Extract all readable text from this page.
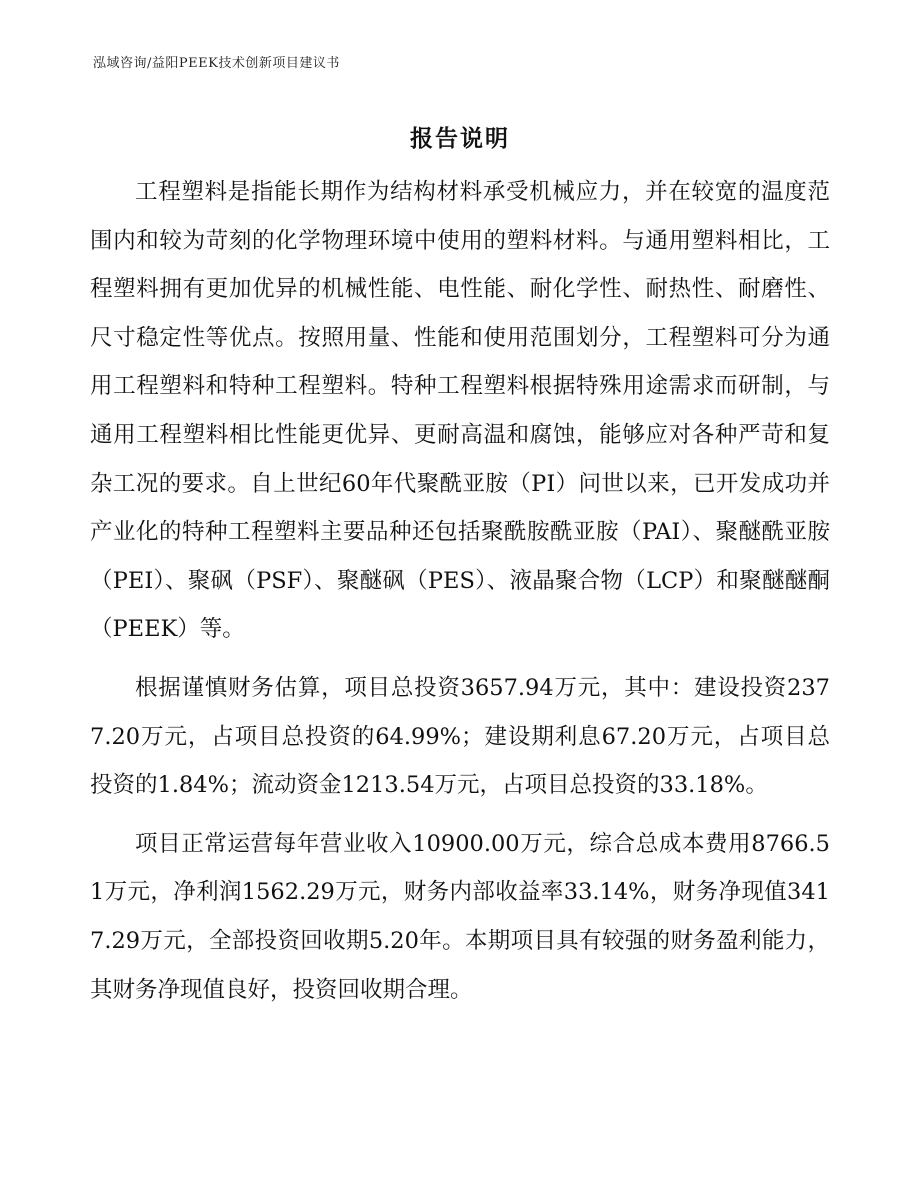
泓域咨询/益阳PEEK技术创新项目建议书
报告说明

工程塑料是指能长期作为结构材料承受机械应力，并在较宽的温度范围内和较为苛刻的化学物理环境中使用的塑料材料。与通用塑料相比，工程塑料拥有更加优异的机械性能、电性能、耐化学性、耐热性、耐磨性、尺寸稳定性等优点。按照用量、性能和使用范围划分，工程塑料可分为通用工程塑料和特种工程塑料。特种工程塑料根据特殊用途需求而研制，与通用工程塑料相比性能更优异、更耐高温和腐蚀，能够应对各种严苛和复杂工况的要求。自上世纪60年代聚酰亚胺（PI）问世以来，已开发成功并产业化的特种工程塑料主要品种还包括聚酰胺酰亚胺（PAI）、聚醚酰亚胺（PEI）、聚砜（PSF）、聚醚砜（PES）、液晶聚合物（LCP）和聚醚醚酮（PEEK）等。

根据谨慎财务估算，项目总投资3657.94万元，其中：建设投资2377.20万元，占项目总投资的64.99%；建设期利息67.20万元，占项目总投资的1.84%；流动资金1213.54万元，占项目总投资的33.18%。

项目正常运营每年营业收入10900.00万元，综合总成本费用8766.51万元，净利润1562.29万元，财务内部收益率33.14%，财务净现值3417.29万元，全部投资回收期5.20年。本期项目具有较强的财务盈利能力，其财务净现值良好，投资回收期合理。
